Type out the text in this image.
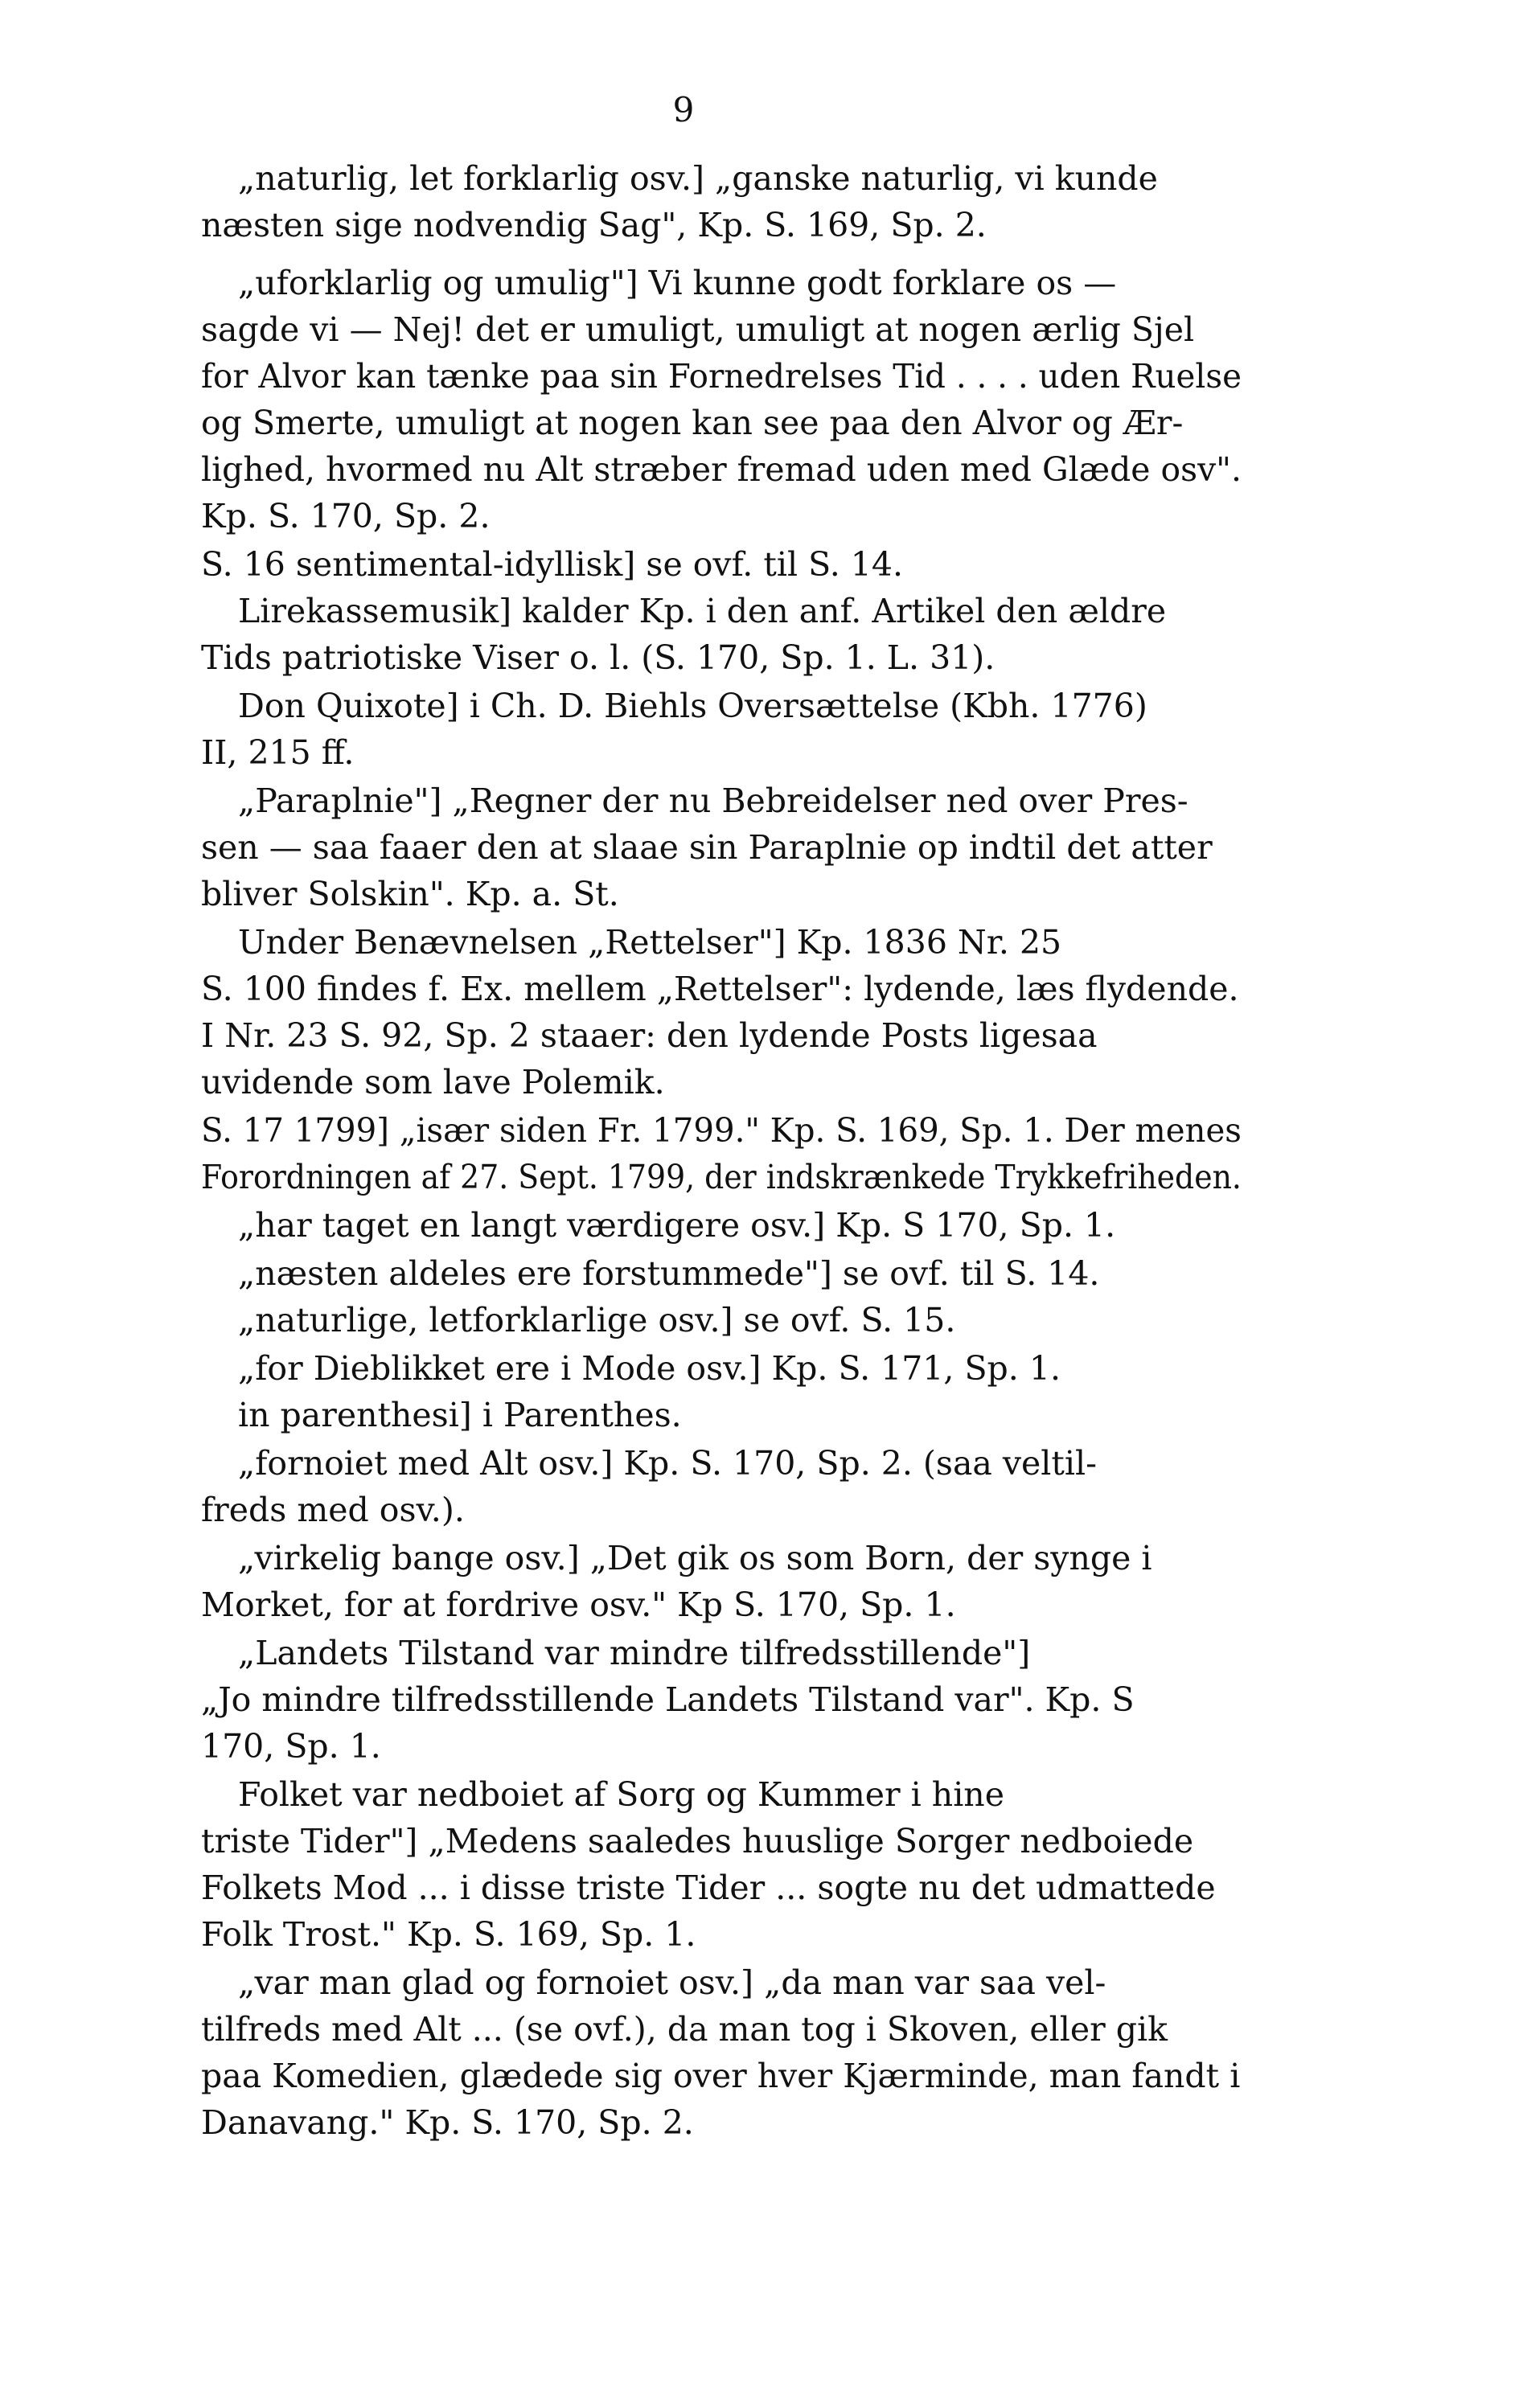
9
„naturlig, let forklarlig osv.] „ganske naturlig, vi kunde
næsten sige nodvendig Sag", Kp. S. 169, Sp. 2.
„uforklarlig og umulig"] Vi kunne godt forklare os —
sagde vi — Nej! det er umuligt, umuligt at nogen ærlig Sjel
for Alvor kan tænke paa sin Fornedrelses Tid . . . . uden Ruelse
og Smerte, umuligt at nogen kan see paa den Alvor og Ær-
lighed, hvormed nu Alt stræber fremad uden med Glæde osv".
Kp. S. 170, Sp. 2.
S. 16 sentimental-idyllisk] se ovf. til S. 14.
Lirekassemusik] kalder Kp. i den anf. Artikel den ældre
Tids patriotiske Viser o. l. (S. 170, Sp. 1. L. 31).
Don Quixote] i Ch. D. Biehls Oversættelse (Kbh. 1776)
II, 215 ff.
„Paraplnie"] „Regner der nu Bebreidelser ned over Pres-
sen — saa faaer den at slaae sin Paraplnie op indtil det atter
bliver Solskin". Kp. a. St.
Under Benævnelsen „Rettelser"] Kp. 1836 Nr. 25
S. 100 findes f. Ex. mellem „Rettelser": lydende, læs flydende.
I Nr. 23 S. 92, Sp. 2 staaer: den lydende Posts ligesaa
uvidende som lave Polemik.
S. 17 1799] „især siden Fr. 1799." Kp. S. 169, Sp. 1. Der menes
Forordningen af 27. Sept. 1799, der indskrænkede Trykkefriheden.
„har taget en langt værdigere osv.] Kp. S 170, Sp. 1.
„næsten aldeles ere forstummede"] se ovf. til S. 14.
„naturlige, letforklarlige osv.] se ovf. S. 15.
„for Dieblikket ere i Mode osv.] Kp. S. 171, Sp. 1.
in parenthesi] i Parenthes.
„fornoiet med Alt osv.] Kp. S. 170, Sp. 2. (saa veltil-
freds med osv.).
„virkelig bange osv.] „Det gik os som Born, der synge i
Morket, for at fordrive osv." Kp S. 170, Sp. 1.
„Landets Tilstand var mindre tilfredsstillende"]
„Jo mindre tilfredsstillende Landets Tilstand var". Kp. S
170, Sp. 1.
Folket var nedboiet af Sorg og Kummer i hine
triste Tider"] „Medens saaledes huuslige Sorger nedboiede
Folkets Mod ... i disse triste Tider ... sogte nu det udmattede
Folk Trost." Kp. S. 169, Sp. 1.
„var man glad og fornoiet osv.] „da man var saa vel-
tilfreds med Alt ... (se ovf.), da man tog i Skoven, eller gik
paa Komedien, glædede sig over hver Kjærminde, man fandt i
Danavang." Kp. S. 170, Sp. 2.
